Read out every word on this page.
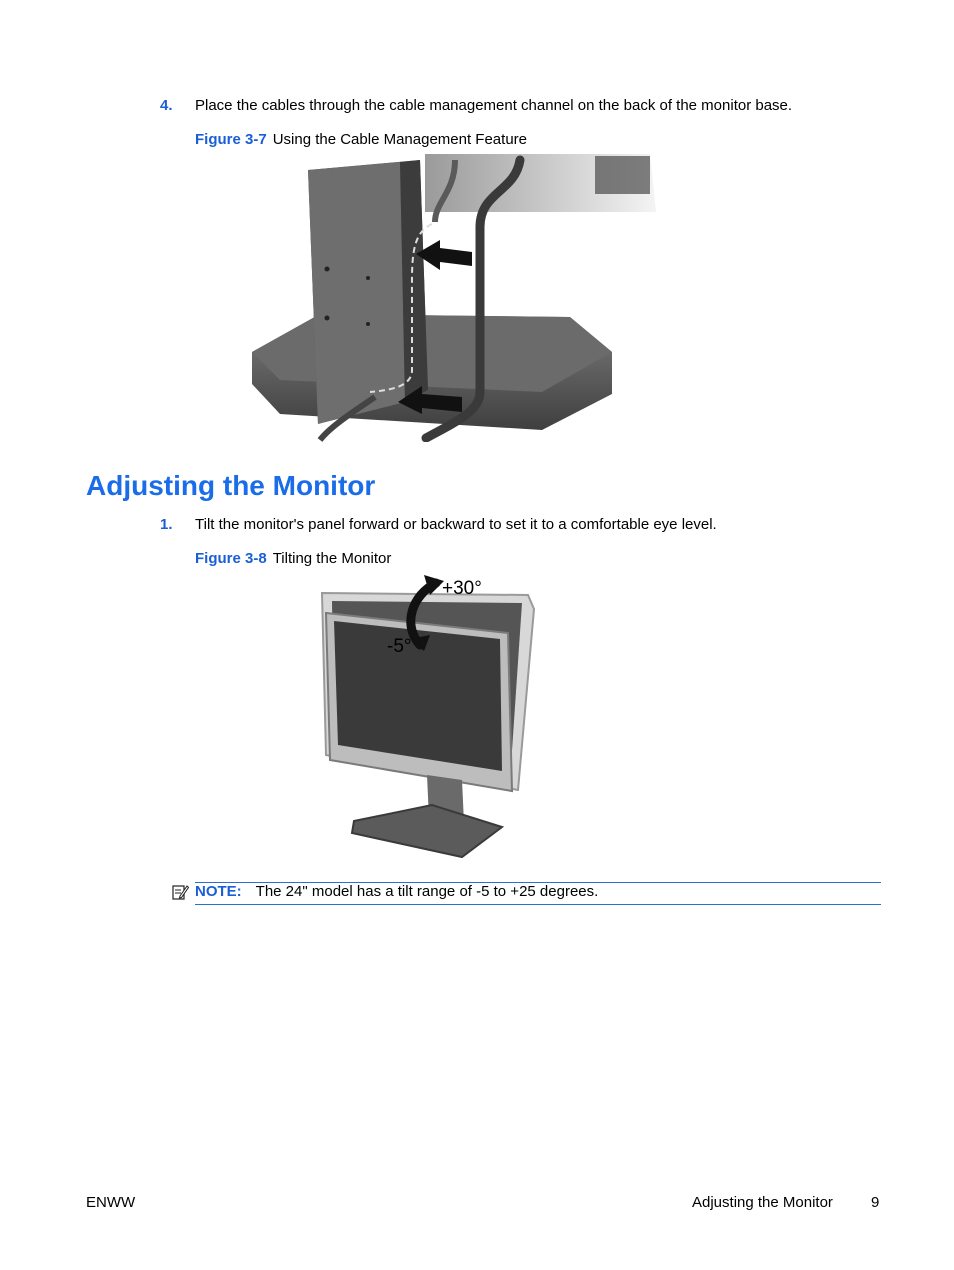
4. Place the cables through the cable management channel on the back of the monitor base.
Figure 3-7 Using the Cable Management Feature
Adjusting the Monitor
1. Tilt the monitor's panel forward or backward to set it to a comfortable eye level.
Figure 3-8 Tilting the Monitor
+30°
-5°
NOTE: The 24" model has a tilt range of -5 to +25 degrees.
ENWW	Adjusting the Monitor	9
